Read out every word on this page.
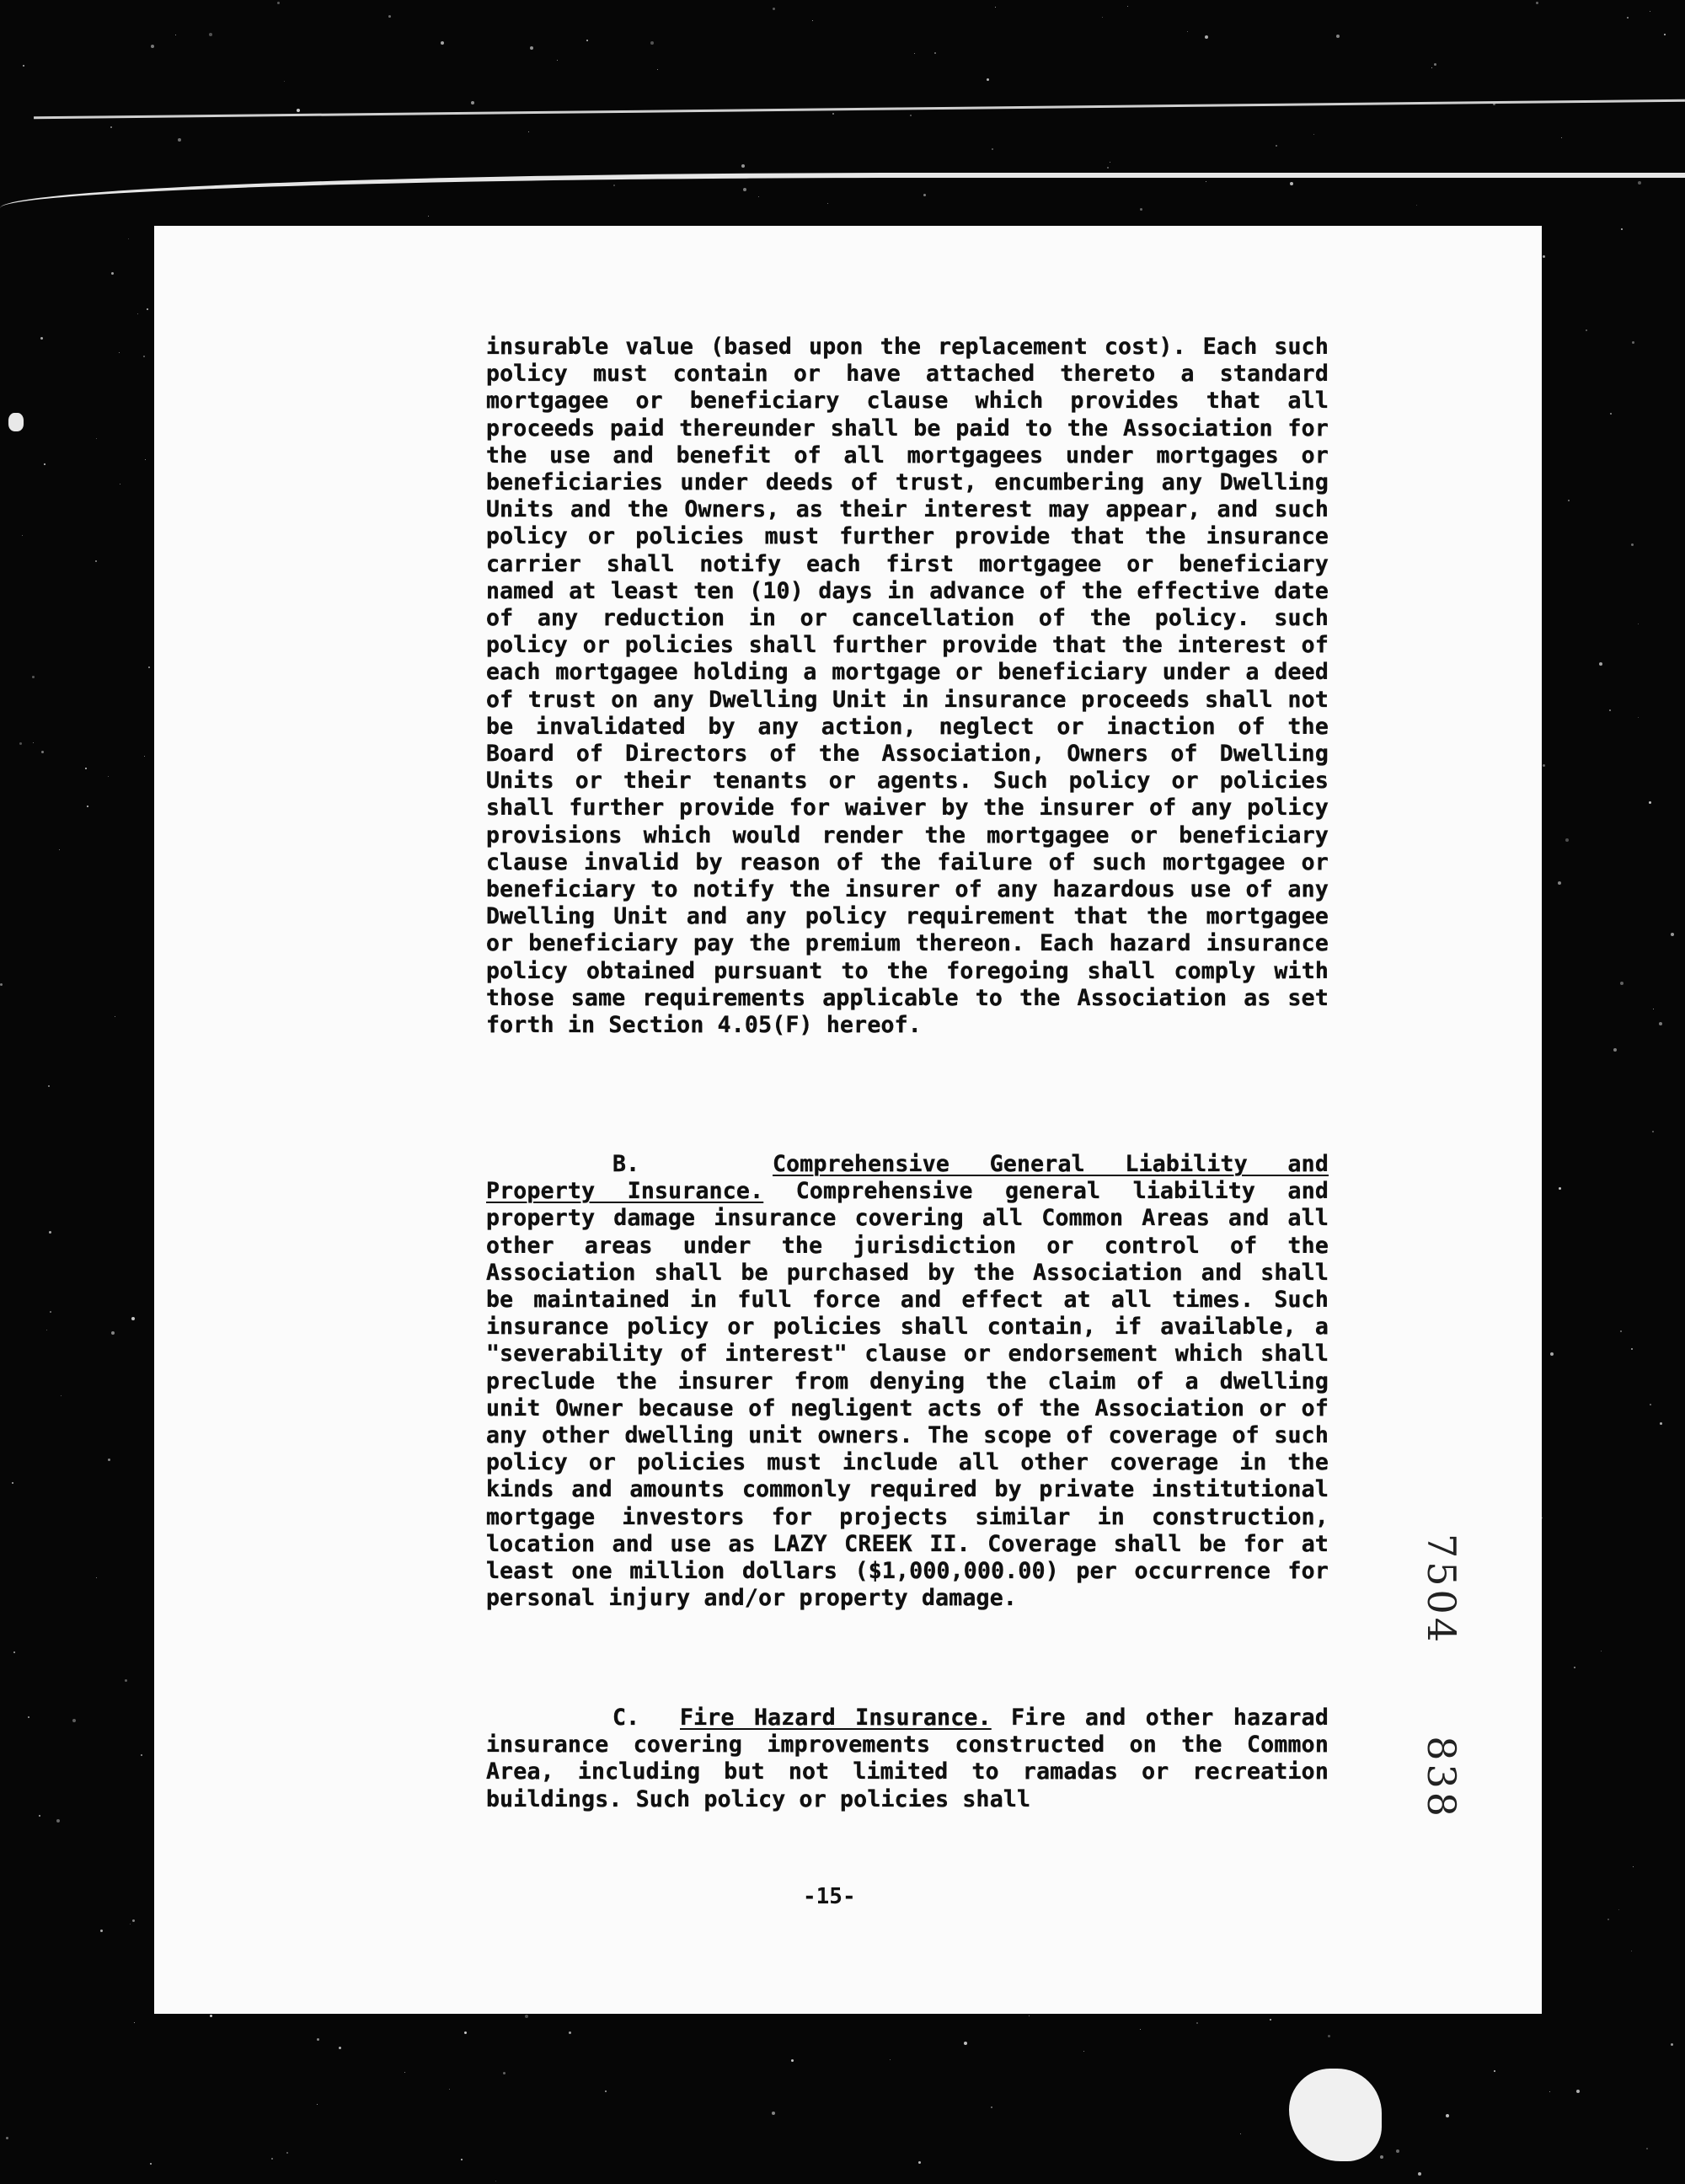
insurable value (based upon the replacement cost). Each such policy must contain or have attached thereto a standard mortgagee or beneficiary clause which provides that all proceeds paid thereunder shall be paid to the Association for the use and benefit of all mortgagees under mortgages or beneficiaries under deeds of trust, encumbering any Dwelling Units and the Owners, as their interest may appear, and such policy or policies must further provide that the insurance carrier shall notify each first mortgagee or beneficiary named at least ten (10) days in advance of the effective date of any reduction in or cancellation of the policy. such policy or policies shall further provide that the interest of each mortgagee holding a mortgage or beneficiary under a deed of trust on any Dwelling Unit in insurance proceeds shall not be invalidated by any action, neglect or inaction of the Board of Directors of the Association, Owners of Dwelling Units or their tenants or agents. Such policy or policies shall further provide for waiver by the insurer of any policy provisions which would render the mortgagee or beneficiary clause invalid by reason of the failure of such mortgagee or beneficiary to notify the insurer of any hazardous use of any Dwelling Unit and any policy requirement that the mortgagee or beneficiary pay the premium thereon. Each hazard insurance policy obtained pursuant to the foregoing shall comply with those same requirements applicable to the Association as set forth in Section 4.05(F) hereof.
B.	Comprehensive General Liability and Property Insurance. Comprehensive general liability and property damage insurance covering all Common Areas and all other areas under the jurisdiction or control of the Association shall be purchased by the Association and shall be maintained in full force and effect at all times. Such insurance policy or policies shall contain, if available, a "severability of interest" clause or endorsement which shall preclude the insurer from denying the claim of a dwelling unit Owner because of negligent acts of the Association or of any other dwelling unit owners. The scope of coverage of such policy or policies must include all other coverage in the kinds and amounts commonly required by private institutional mortgage investors for projects similar in construction, location and use as LAZY CREEK II. Coverage shall be for at least one million dollars ($1,000,000.00) per occurrence for personal injury and/or property damage.
C. Fire Hazard Insurance. Fire and other hazarad insurance covering improvements constructed on the Common Area, including but not limited to ramadas or recreation buildings. Such policy or policies shall
-15-
7504
838
